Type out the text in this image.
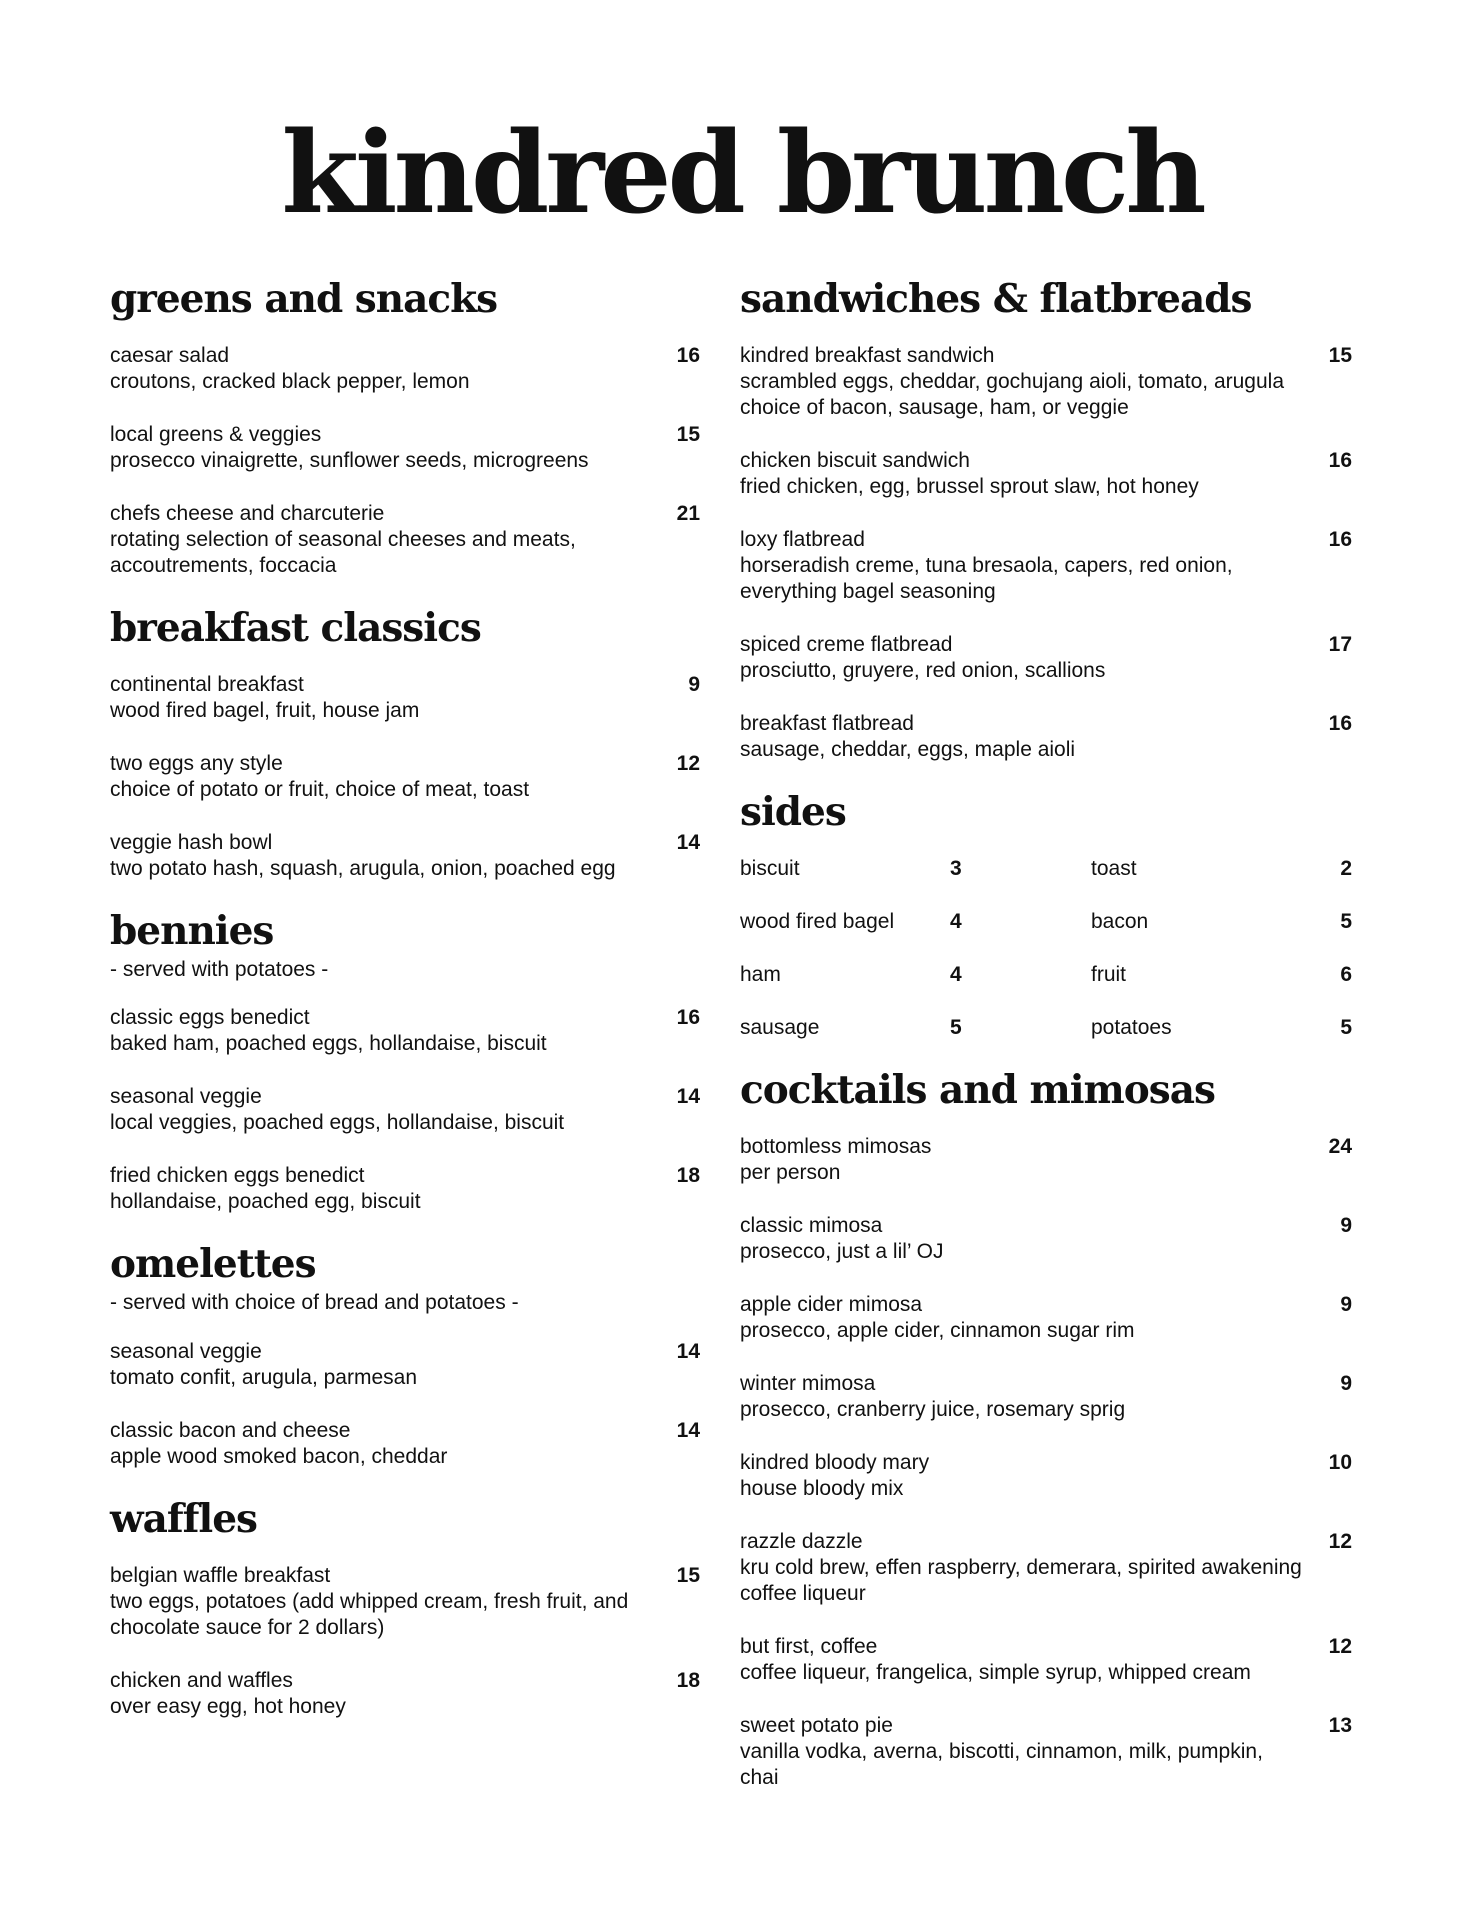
kindred brunch
greens and snacks
caesar salad
croutons, cracked black pepper, lemon
16
local greens & veggies
prosecco vinaigrette, sunflower seeds, microgreens
15
chefs cheese and charcuterie
rotating selection of seasonal cheeses and meats, accoutrements, foccacia
21
breakfast classics
continental breakfast
wood fired bagel, fruit, house jam
9
two eggs any style
choice of potato or fruit, choice of meat, toast
12
veggie hash bowl
two potato hash, squash, arugula, onion, poached egg
14
bennies

- served with potatoes -

classic eggs benedict
baked ham, poached eggs, hollandaise, biscuit
16
seasonal veggie
local veggies, poached eggs, hollandaise, biscuit
14
fried chicken eggs benedict
hollandaise, poached egg, biscuit
18
omelettes

- served with choice of bread and potatoes -

seasonal veggie
tomato confit, arugula, parmesan
14
classic bacon and cheese
apple wood smoked bacon, cheddar
14
waffles
belgian waffle breakfast
two eggs, potatoes (add whipped cream, fresh fruit, and chocolate sauce for 2 dollars)
15
chicken and waffles
over easy egg, hot honey
18
sandwiches & flatbreads
kindred breakfast sandwich
scrambled eggs, cheddar, gochujang aioli, tomato, arugula
choice of bacon, sausage, ham, or veggie
15
chicken biscuit sandwich
fried chicken, egg, brussel sprout slaw, hot honey
16
loxy flatbread
horseradish creme, tuna bresaola, capers, red onion, everything bagel seasoning
16
spiced creme flatbread
prosciutto, gruyere, red onion, scallions
17
breakfast flatbread
sausage, cheddar, eggs, maple aioli
16
sides
biscuit	3	toast	2
wood fired bagel	4	bacon	5
ham	4	fruit	6
sausage	5	potatoes	5
cocktails and mimosas
bottomless mimosas
per person
24
classic mimosa
prosecco, just a lil’ OJ
9
apple cider mimosa
prosecco, apple cider, cinnamon sugar rim
9
winter mimosa
prosecco, cranberry juice, rosemary sprig
9
kindred bloody mary
house bloody mix
10
razzle dazzle
kru cold brew, effen raspberry, demerara, spirited awakening coffee liqueur
12
but first, coffee
coffee liqueur, frangelica, simple syrup, whipped cream
12
sweet potato pie
vanilla vodka, averna, biscotti, cinnamon, milk, pumpkin, chai
13
